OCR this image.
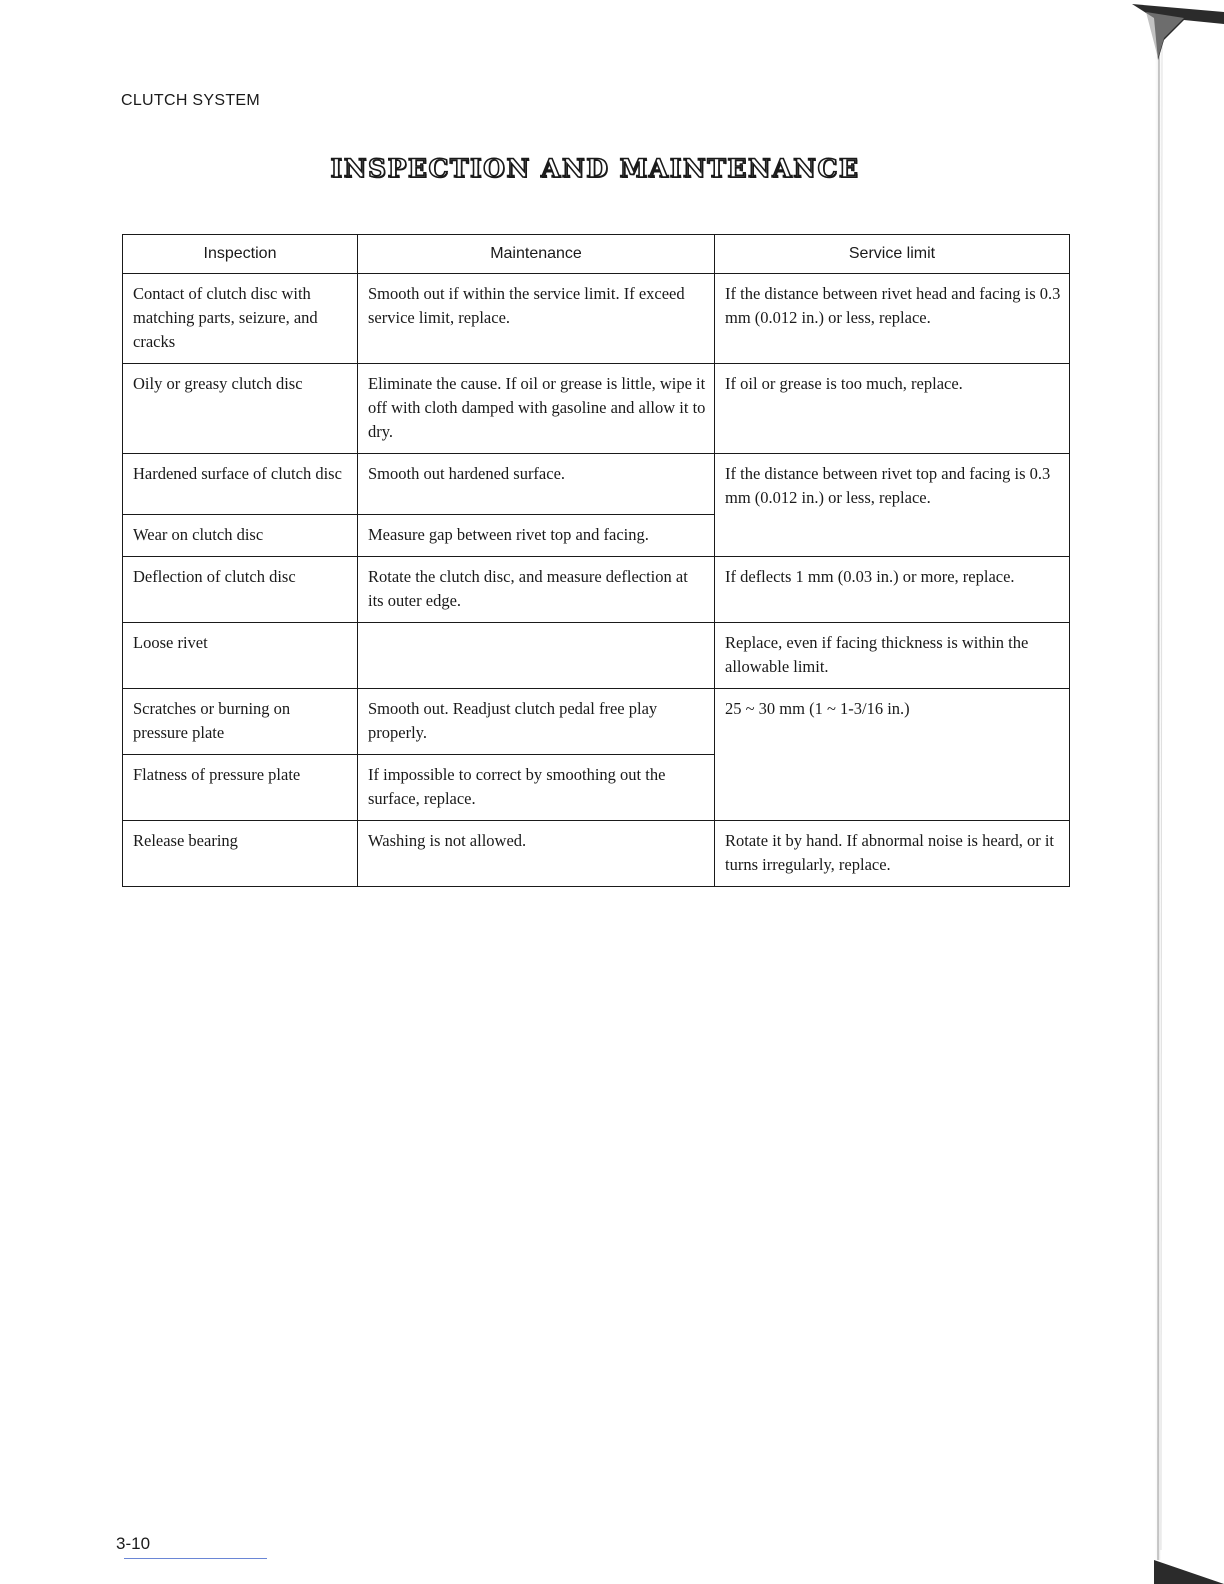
CLUTCH SYSTEM
INSPECTION AND MAINTENANCE
Inspection	Maintenance	Service limit
Contact of clutch disc with matching parts, seizure, and cracks	Smooth out if within the service limit. If exceed service limit, replace.	If the distance between rivet head and facing is 0.3 mm (0.012 in.) or less, replace.
Oily or greasy clutch disc	Eliminate the cause. If oil or grease is little, wipe it off with cloth damped with gasoline and allow it to dry.	If oil or grease is too much, replace.
Hardened surface of clutch disc	Smooth out hardened surface.	If the distance between rivet top and facing is 0.3 mm (0.012 in.) or less, replace.
Wear on clutch disc	Measure gap between rivet top and facing.	
Deflection of clutch disc	Rotate the clutch disc, and measure deflection at its outer edge.	If deflects 1 mm (0.03 in.) or more, replace.
Loose rivet		Replace, even if facing thickness is within the allowable limit.
Scratches or burning on pressure plate	Smooth out. Readjust clutch pedal free play properly.	25 ~ 30 mm (1 ~ 1-3/16 in.)
Flatness of pressure plate	If impossible to correct by smoothing out the surface, replace.	
Release bearing	Washing is not allowed.	Rotate it by hand. If abnormal noise is heard, or it turns irregularly, replace.
3-10
